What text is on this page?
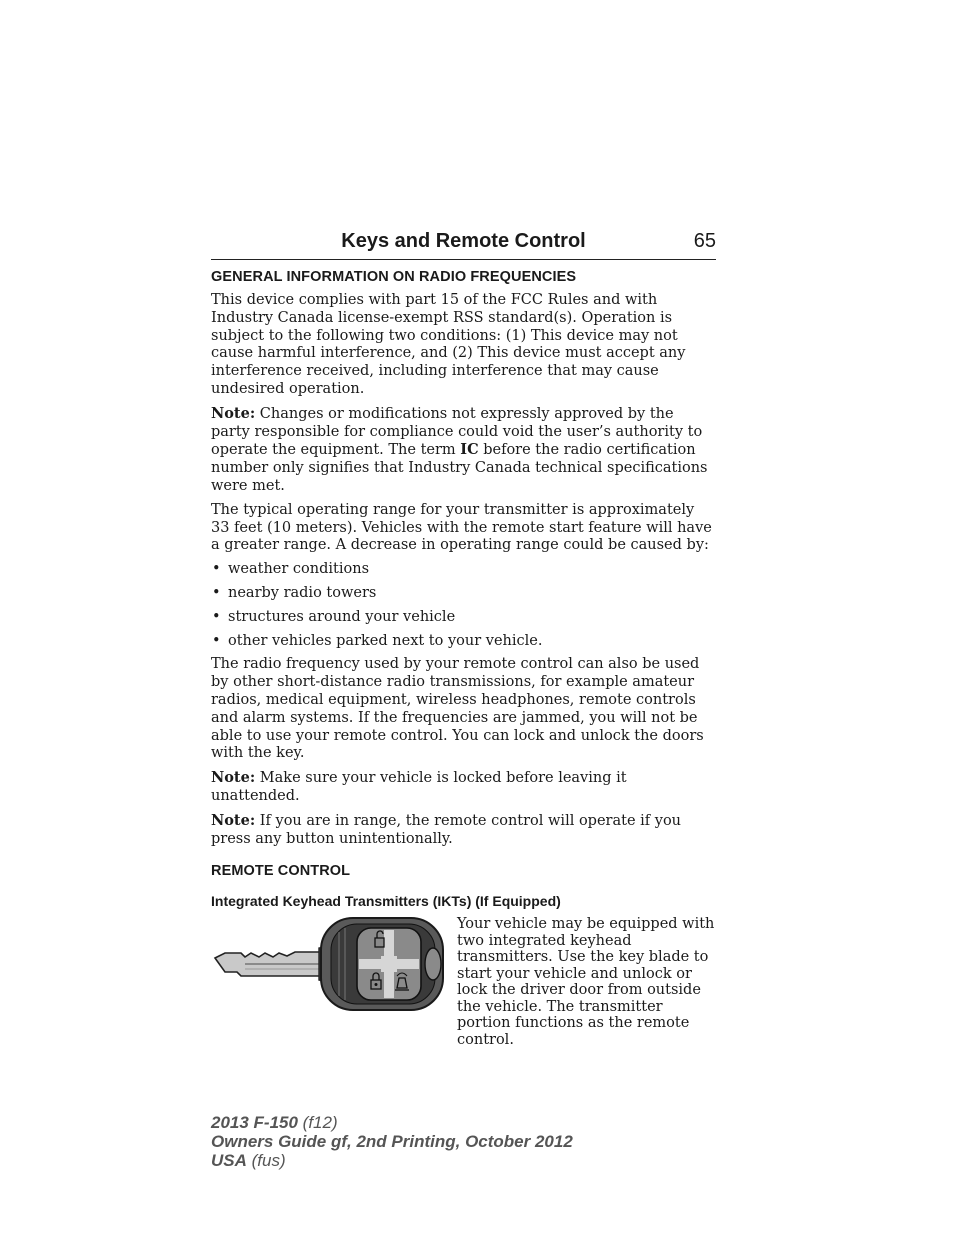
Keys and Remote Control	65
GENERAL INFORMATION ON RADIO FREQUENCIES

This device complies with part 15 of the FCC Rules and with Industry Canada license-exempt RSS standard(s). Operation is subject to the following two conditions: (1) This device may not cause harmful interference, and (2) This device must accept any interference received, including interference that may cause undesired operation.

Note: Changes or modifications not expressly approved by the party responsible for compliance could void the user’s authority to operate the equipment. The term IC before the radio certification number only signifies that Industry Canada technical specifications were met.

The typical operating range for your transmitter is approximately 33 feet (10 meters). Vehicles with the remote start feature will have a greater range. A decrease in operating range could be caused by:

• weather conditions
• nearby radio towers
• structures around your vehicle
• other vehicles parked next to your vehicle.

The radio frequency used by your remote control can also be used by other short-distance radio transmissions, for example amateur radios, medical equipment, wireless headphones, remote controls and alarm systems. If the frequencies are jammed, you will not be able to use your remote control. You can lock and unlock the doors with the key.

Note: Make sure your vehicle is locked before leaving it unattended.

Note: If you are in range, the remote control will operate if you press any button unintentionally.

REMOTE CONTROL
Integrated Keyhead Transmitters (IKTs) (If Equipped)
Your vehicle may be equipped with two integrated keyhead transmitters. Use the key blade to start your vehicle and unlock or lock the driver door from outside the vehicle. The transmitter portion functions as the remote control.
2013 F-150 (f12)
Owners Guide gf, 2nd Printing, October 2012
USA (fus)
